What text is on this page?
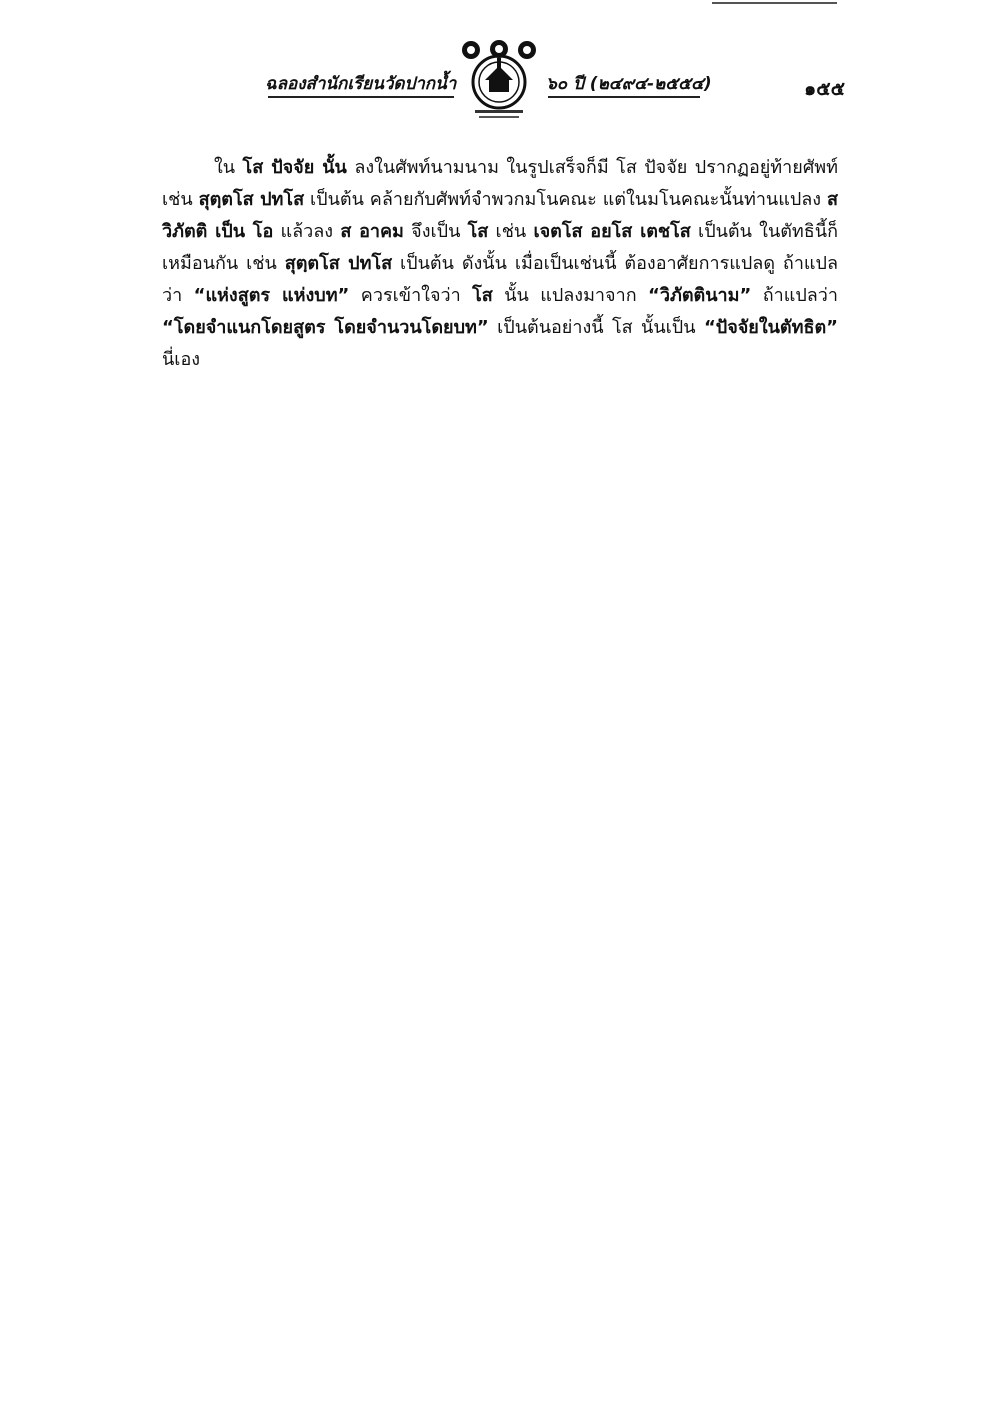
ฉลองสำนักเรียนวัดปากน้ำ	๖๐ ปี (๒๔๙๔-๒๕๕๔)	๑๕๕

ใน โส ปัจจัย นั้น ลงในศัพท์นามนาม ในรูปเสร็จก็มี โส ปัจจัย ปรากฏอยู่ท้ายศัพท์ เช่น สุตฺตโส ปทโส เป็นต้น คล้ายกับศัพท์จำพวกมโนคณะ แต่ในมโนคณะนั้นท่านแปลง ส วิภัตติ เป็น โอ แล้วลง ส อาคม จึงเป็น โส เช่น เจตโส อยโส เตชโส เป็นต้น ในตัทธินี้ก็เหมือนกัน เช่น สุตฺตโส ปทโส เป็นต้น ดังนั้น เมื่อเป็นเช่นนี้ ต้องอาศัยการแปลดู ถ้าแปลว่า “แห่งสูตร แห่งบท” ควรเข้าใจว่า โส นั้น แปลงมาจาก “วิภัตตินาม” ถ้าแปลว่า “โดยจำแนกโดยสูตร โดยจำนวนโดยบท” เป็นต้นอย่างนี้ โส นั้นเป็น “ปัจจัยในตัทธิต” นี่เอง
